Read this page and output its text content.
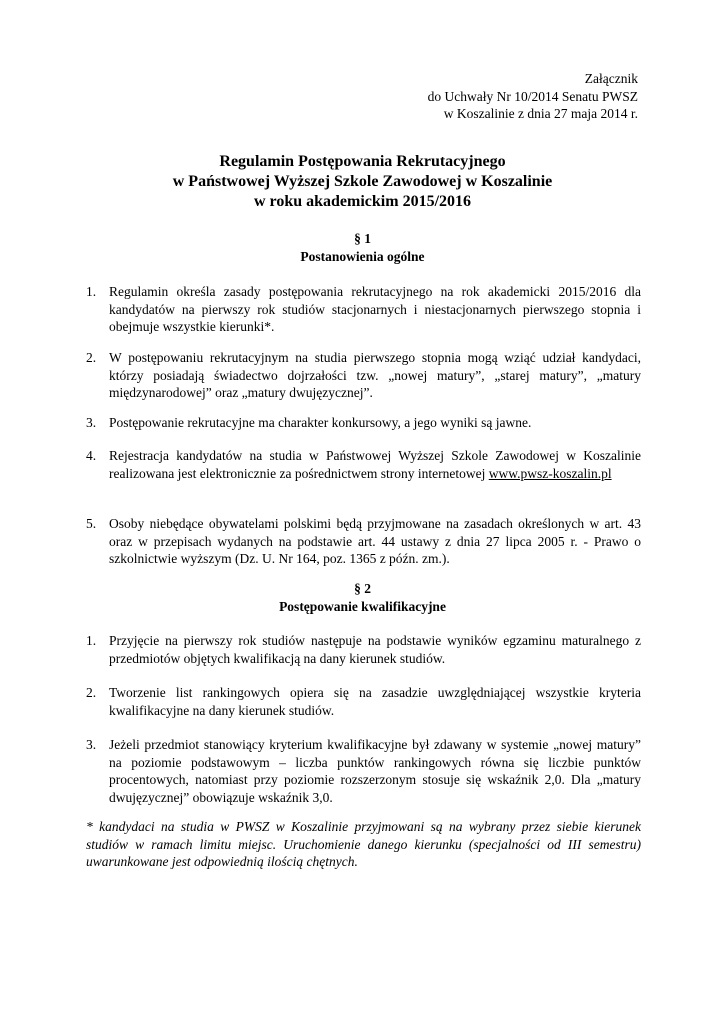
Załącznik
do Uchwały Nr 10/2014 Senatu PWSZ
w Koszalinie z dnia 27 maja 2014 r.
Regulamin Postępowania Rekrutacyjnego
w Państwowej Wyższej Szkole Zawodowej w Koszalinie
w roku akademickim 2015/2016
§ 1
Postanowienia ogólne
1. Regulamin określa zasady postępowania rekrutacyjnego na rok akademicki 2015/2016 dla kandydatów na pierwszy rok studiów stacjonarnych i niestacjonarnych pierwszego stopnia i obejmuje wszystkie kierunki*.
2. W postępowaniu rekrutacyjnym na studia pierwszego stopnia mogą wziąć udział kandydaci, którzy posiadają świadectwo dojrzałości tzw. „nowej matury”, „starej matury”, „matury międzynarodowej” oraz „matury dwujęzycznej”.
3. Postępowanie rekrutacyjne ma charakter konkursowy, a jego wyniki są jawne.
4. Rejestracja kandydatów na studia w Państwowej Wyższej Szkole Zawodowej w Koszalinie realizowana jest elektronicznie za pośrednictwem strony internetowej www.pwsz-koszalin.pl
5. Osoby niebędące obywatelami polskimi będą przyjmowane na zasadach określonych w art. 43 oraz w przepisach wydanych na podstawie art. 44 ustawy z dnia 27 lipca 2005 r. - Prawo o szkolnictwie wyższym (Dz. U. Nr 164, poz. 1365 z późn. zm.).
§ 2
Postępowanie kwalifikacyjne
1. Przyjęcie na pierwszy rok studiów następuje na podstawie wyników egzaminu maturalnego z przedmiotów objętych kwalifikacją na dany kierunek studiów.
2. Tworzenie list rankingowych opiera się na zasadzie uwzględniającej wszystkie kryteria kwalifikacyjne na dany kierunek studiów.
3. Jeżeli przedmiot stanowiący kryterium kwalifikacyjne był zdawany w systemie „nowej matury” na poziomie podstawowym – liczba punktów rankingowych równa się liczbie punktów procentowych, natomiast przy poziomie rozszerzonym stosuje się wskaźnik 2,0. Dla „matury dwujęzycznej” obowiązuje wskaźnik 3,0.
* kandydaci na studia w PWSZ w Koszalinie przyjmowani są na wybrany przez siebie kierunek studiów w ramach limitu miejsc. Uruchomienie danego kierunku (specjalności od III semestru) uwarunkowane jest odpowiednią ilością chętnych.
